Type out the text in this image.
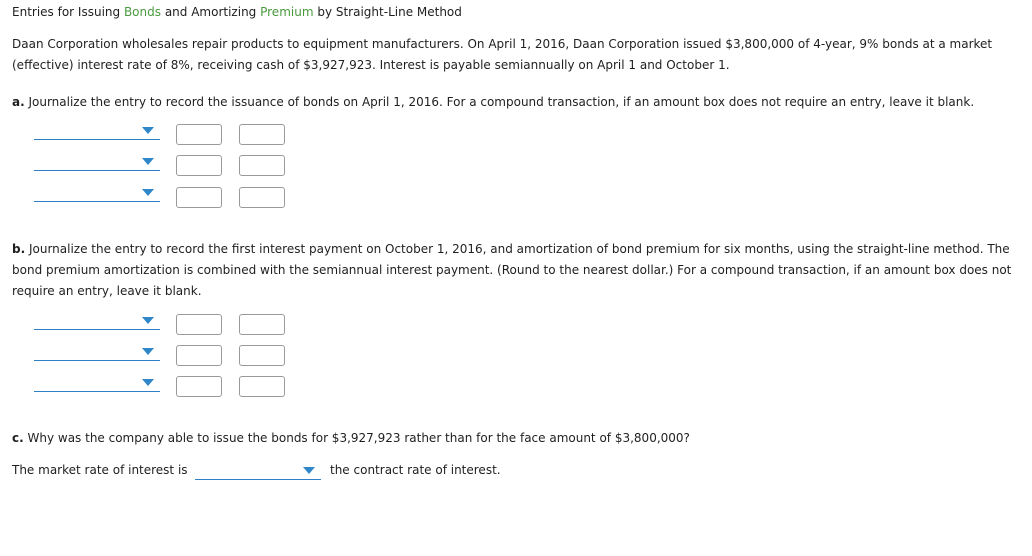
Entries for Issuing Bonds and Amortizing Premium by Straight-Line Method
Daan Corporation wholesales repair products to equipment manufacturers. On April 1, 2016, Daan Corporation issued $3,800,000 of 4-year, 9% bonds at a market (effective) interest rate of 8%, receiving cash of $3,927,923. Interest is payable semiannually on April 1 and October 1.
a. Journalize the entry to record the issuance of bonds on April 1, 2016. For a compound transaction, if an amount box does not require an entry, leave it blank.
b. Journalize the entry to record the first interest payment on October 1, 2016, and amortization of bond premium for six months, using the straight-line method. The bond premium amortization is combined with the semiannual interest payment. (Round to the nearest dollar.) For a compound transaction, if an amount box does not require an entry, leave it blank.
c. Why was the company able to issue the bonds for $3,927,923 rather than for the face amount of $3,800,000?
The market rate of interest is	the contract rate of interest.
